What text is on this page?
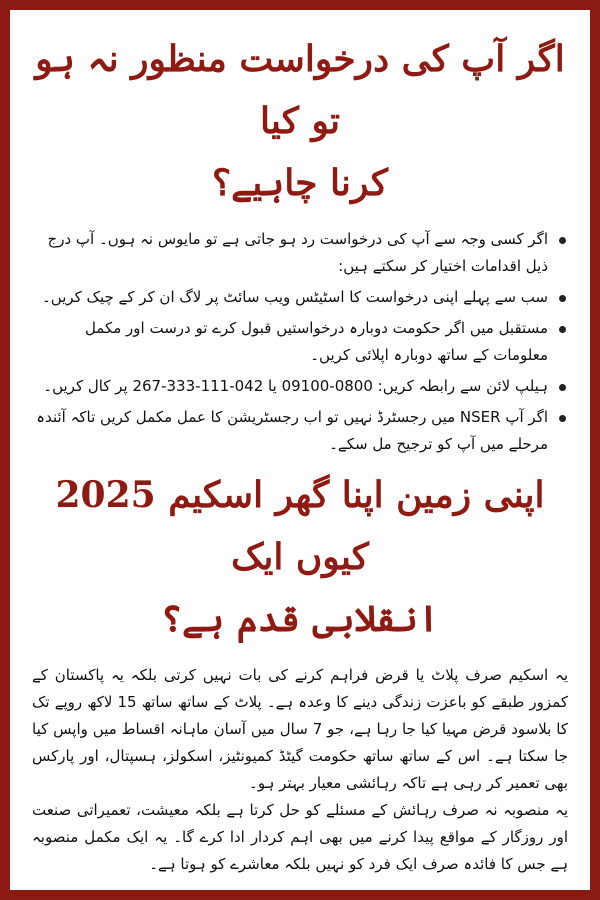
اگر آپ کی درخواست منظور نہ ہو تو کیا
کرنا چاہیے؟
اگر کسی وجہ سے آپ کی درخواست رد ہو جاتی ہے تو مایوس نہ ہوں۔ آپ درج ذیل اقدامات اختیار کر سکتے ہیں:
سب سے پہلے اپنی درخواست کا اسٹیٹس ویب سائٹ پر لاگ ان کر کے چیک کریں۔
مستقبل میں اگر حکومت دوبارہ درخواستیں قبول کرے تو درست اور مکمل معلومات کے ساتھ دوبارہ اپلائی کریں۔
ہیلپ لائن سے رابطہ کریں: 0800-09100 یا 042-111-333-267 پر کال کریں۔
اگر آپ NSER میں رجسٹرڈ نہیں تو اب رجسٹریشن کا عمل مکمل کریں تاکہ آئندہ مرحلے میں آپ کو ترجیح مل سکے۔
اپنی زمین اپنا گھر اسکیم 2025 کیوں ایک
انقلابی قدم ہے؟

یہ اسکیم صرف پلاٹ یا قرض فراہم کرنے کی بات نہیں کرتی بلکہ یہ پاکستان کے کمزور طبقے کو باعزت زندگی دینے کا وعدہ ہے۔ پلاٹ کے ساتھ ساتھ 15 لاکھ روپے تک کا بلاسود قرض مہیا کیا جا رہا ہے، جو 7 سال میں آسان ماہانہ اقساط میں واپس کیا جا سکتا ہے۔ اس کے ساتھ ساتھ حکومت گیٹڈ کمیونٹیز، اسکولز، ہسپتال، اور پارکس بھی تعمیر کر رہی ہے تاکہ رہائشی معیار بہتر ہو۔

یہ منصوبہ نہ صرف رہائش کے مسئلے کو حل کرتا ہے بلکہ معیشت، تعمیراتی صنعت اور روزگار کے مواقع پیدا کرنے میں بھی اہم کردار ادا کرے گا۔ یہ ایک مکمل منصوبہ ہے جس کا فائدہ صرف ایک فرد کو نہیں بلکہ معاشرے کو ہوتا ہے۔
